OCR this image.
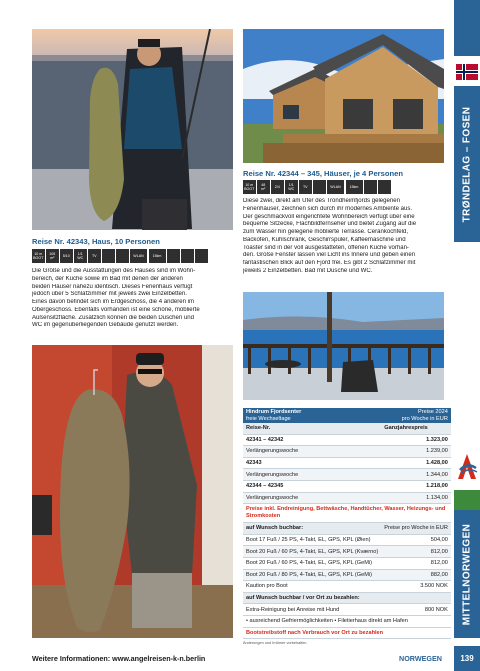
TRØNDELAG – FOSEN
MITTELNORWEGEN
139
Reise Nr. 42344 – 345, Häuser, je 4 Personen
10 m
BOOT
48
m²
2/4
1/1
WC
TV	WLAN 15km
Diese zwei, direkt am Ufer des Trondheimfjords gelegenen
Ferienhäuser, zeichnen sich durch ihr modernes Ambiente aus.
Der geschmackvoll eingerichtete Wohnbereich verfügt über eine
bequeme Sitzecke, Flachbildfernseher und bietet Zugang auf die
zum Wasser hin gelegene möblierte Terrasse. Cerankochfeld,
Backofen, Kühlschrank, Geschirrspüler, Kaffeemaschine und
Toaster sind in der voll ausgestatteten, offenen Küche vorhan-
den. Große Fenster lassen viel Licht ins Innere und geben einen
fantastischen Blick auf den Fjord frei. Es gibt 2 Schlafzimmer mit
jeweils 2 Einzelbetten. Bad mit Dusche und WC.
Reise Nr. 42343, Haus, 10 Personen
10 m
BOOT
105
m²
5/10
1/1
WC
TV	WLAN 15km
Die Größe und die Ausstattungen des Hauses sind im Wohn-
bereich, der Küche sowie im Bad mit denen der anderen
beiden Häuser nahezu identisch. Dieses Ferienhaus verfügt
jedoch über 5 Schlafzimmer mit jeweils zwei Einzelbetten.
Eines davon befindet sich im Erdgeschoss, die 4 anderen im
Obergeschoss. Ebenfalls vorhanden ist eine schöne, möblierte
Außensitzfläche. Zusätzlich können die beiden Duschen und
WC im gegenüberliegenden Gebäude genutzt werden.
Hindrum Fjordsenter	Preise 2024
freie Wechseltage	pro Woche in EUR
Reise-Nr.	Ganzjahrespreis
42341 – 42342	1.323,00
Verlängerungswoche	1.239,00
42343	1.428,00
Verlängerungswoche	1.344,00
42344 – 42345	1.218,00
Verlängerungswoche	1.134,00
Preise inkl. Endreinigung, Bettwäsche, Handtücher, Wasser, Heizungs- und Stromkosten	
auf Wunsch buchbar:	Preise pro Woche in EUR
Boot 17 Fuß / 25 PS, 4-Takt, EL, GPS, KPL (Øien)	504,00
Boot 20 Fuß / 60 PS, 4-Takt, EL, GPS, KPL (Kværno)	812,00
Boot 20 Fuß / 60 PS, 4-Takt, EL, GPS, KPL (GeMi)	812,00
Boot 20 Fuß / 80 PS, 4-Takt, EL, GPS, KPL (GeMi)	882,00
Kaution pro Boot	3.500 NOK
auf Wunsch buchbar / vor Ort zu bezahlen:	
Extra-Reinigung bei Anreise mit Hund	800 NOK
• ausreichend Gefriermöglichkeiten • Filetierhaus direkt am Hafen	
Bootstreibstoff nach Verbrauch vor Ort zu bezahlen	
Änderungen und Irrtümer vorbehalten.
Weitere Informationen: www.angelreisen-k-n.berlin	NORWEGEN
